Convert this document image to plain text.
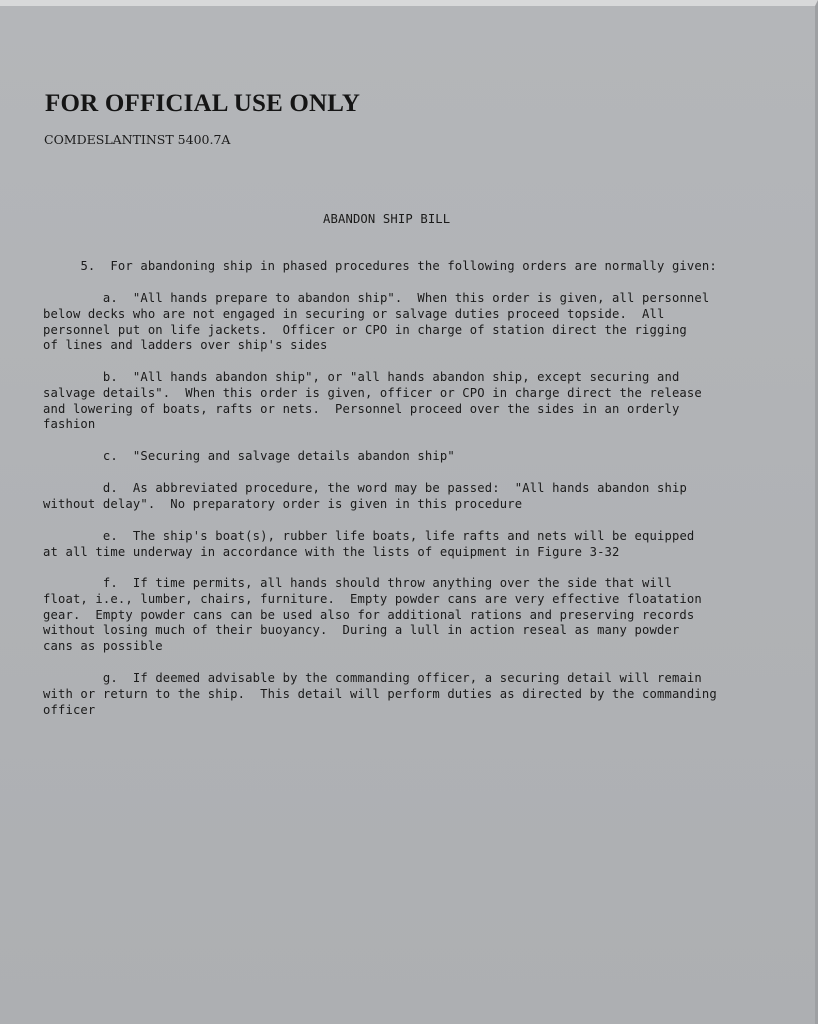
FOR OFFICIAL USE ONLY
COMDESLANTINST 5400.7A
ABANDON SHIP BILL

5.  For abandoning ship in phased procedures the following orders are normally given:

a.  "All hands prepare to abandon ship".  When this order is given, all personnel
below decks who are not engaged in securing or salvage duties proceed topside.  All
personnel put on life jackets.  Officer or CPO in charge of station direct the rigging
of lines and ladders over ship's sides

b.  "All hands abandon ship", or "all hands abandon ship, except securing and
salvage details".  When this order is given, officer or CPO in charge direct the release
and lowering of boats, rafts or nets.  Personnel proceed over the sides in an orderly
fashion

c.  "Securing and salvage details abandon ship"

d.  As abbreviated procedure, the word may be passed:  "All hands abandon ship
without delay".  No preparatory order is given in this procedure

e.  The ship's boat(s), rubber life boats, life rafts and nets will be equipped
at all time underway in accordance with the lists of equipment in Figure 3-32

f.  If time permits, all hands should throw anything over the side that will
float, i.e., lumber, chairs, furniture.  Empty powder cans are very effective floatation
gear.  Empty powder cans can be used also for additional rations and preserving records
without losing much of their buoyancy.  During a lull in action reseal as many powder
cans as possible

g.  If deemed advisable by the commanding officer, a securing detail will remain
with or return to the ship.  This detail will perform duties as directed by the commanding
officer
